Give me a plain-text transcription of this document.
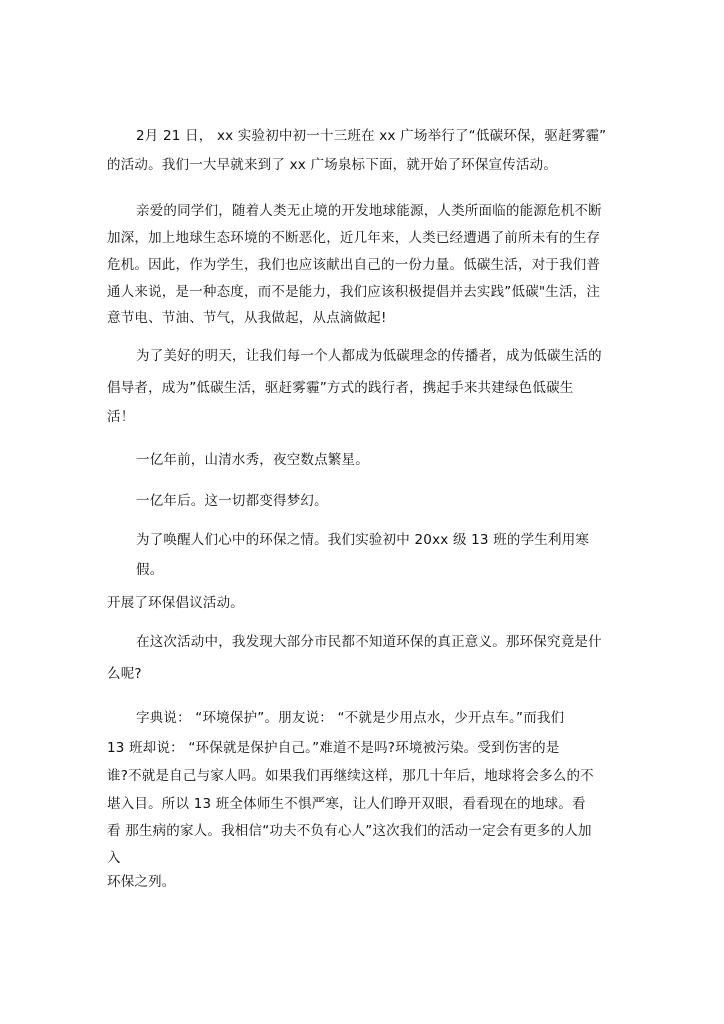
2月 21 日， xx 实验初中初一十三班在 xx 广场举行了“低碳环保，驱赶雾霾”
的活动。我们一大早就来到了 xx 广场泉标下面，就开始了环保宣传活动。
亲爱的同学们，随着人类无止境的开发地球能源，人类所面临的能源危机不断
加深，加上地球生态环境的不断恶化，近几年来，人类已经遭遇了前所未有的生存
危机。因此，作为学生，我们也应该献出自己的一份力量。低碳生活，对于我们普
通人来说，是一种态度，而不是能力，我们应该积极提倡并去实践”低碳"生活，注
意节电、节油、节气，从我做起，从点滴做起!
为了美好的明天，让我们每一个人都成为低碳理念的传播者，成为低碳生活的
倡导者，成为”低碳生活，驱赶雾霾”方式的践行者，携起手来共建绿色低碳生
活！
一亿年前，山清水秀，夜空数点繁星。
一亿年后。这一切都变得梦幻。
为了唤醒人们心中的环保之情。我们实验初中 20xx 级 13 班的学生利用寒
假。
开展了环保倡议活动。
在这次活动中，我发现大部分市民都不知道环保的真正意义。那环保究竟是什
么呢?
字典说： “环境保护”。朋友说： “不就是少用点水，少开点车。”而我们
13 班却说： “环保就是保护自己。”难道不是吗?环境被污染。受到伤害的是
谁?不就是自己与家人吗。如果我们再继续这样，那几十年后，地球将会多么的不
堪入目。所以 13 班全体师生不惧严寒，让人们睁开双眼，看看现在的地球。看
看 那生病的家人。我相信“功夫不负有心人”这次我们的活动一定会有更多的人加
入
环保之列。
